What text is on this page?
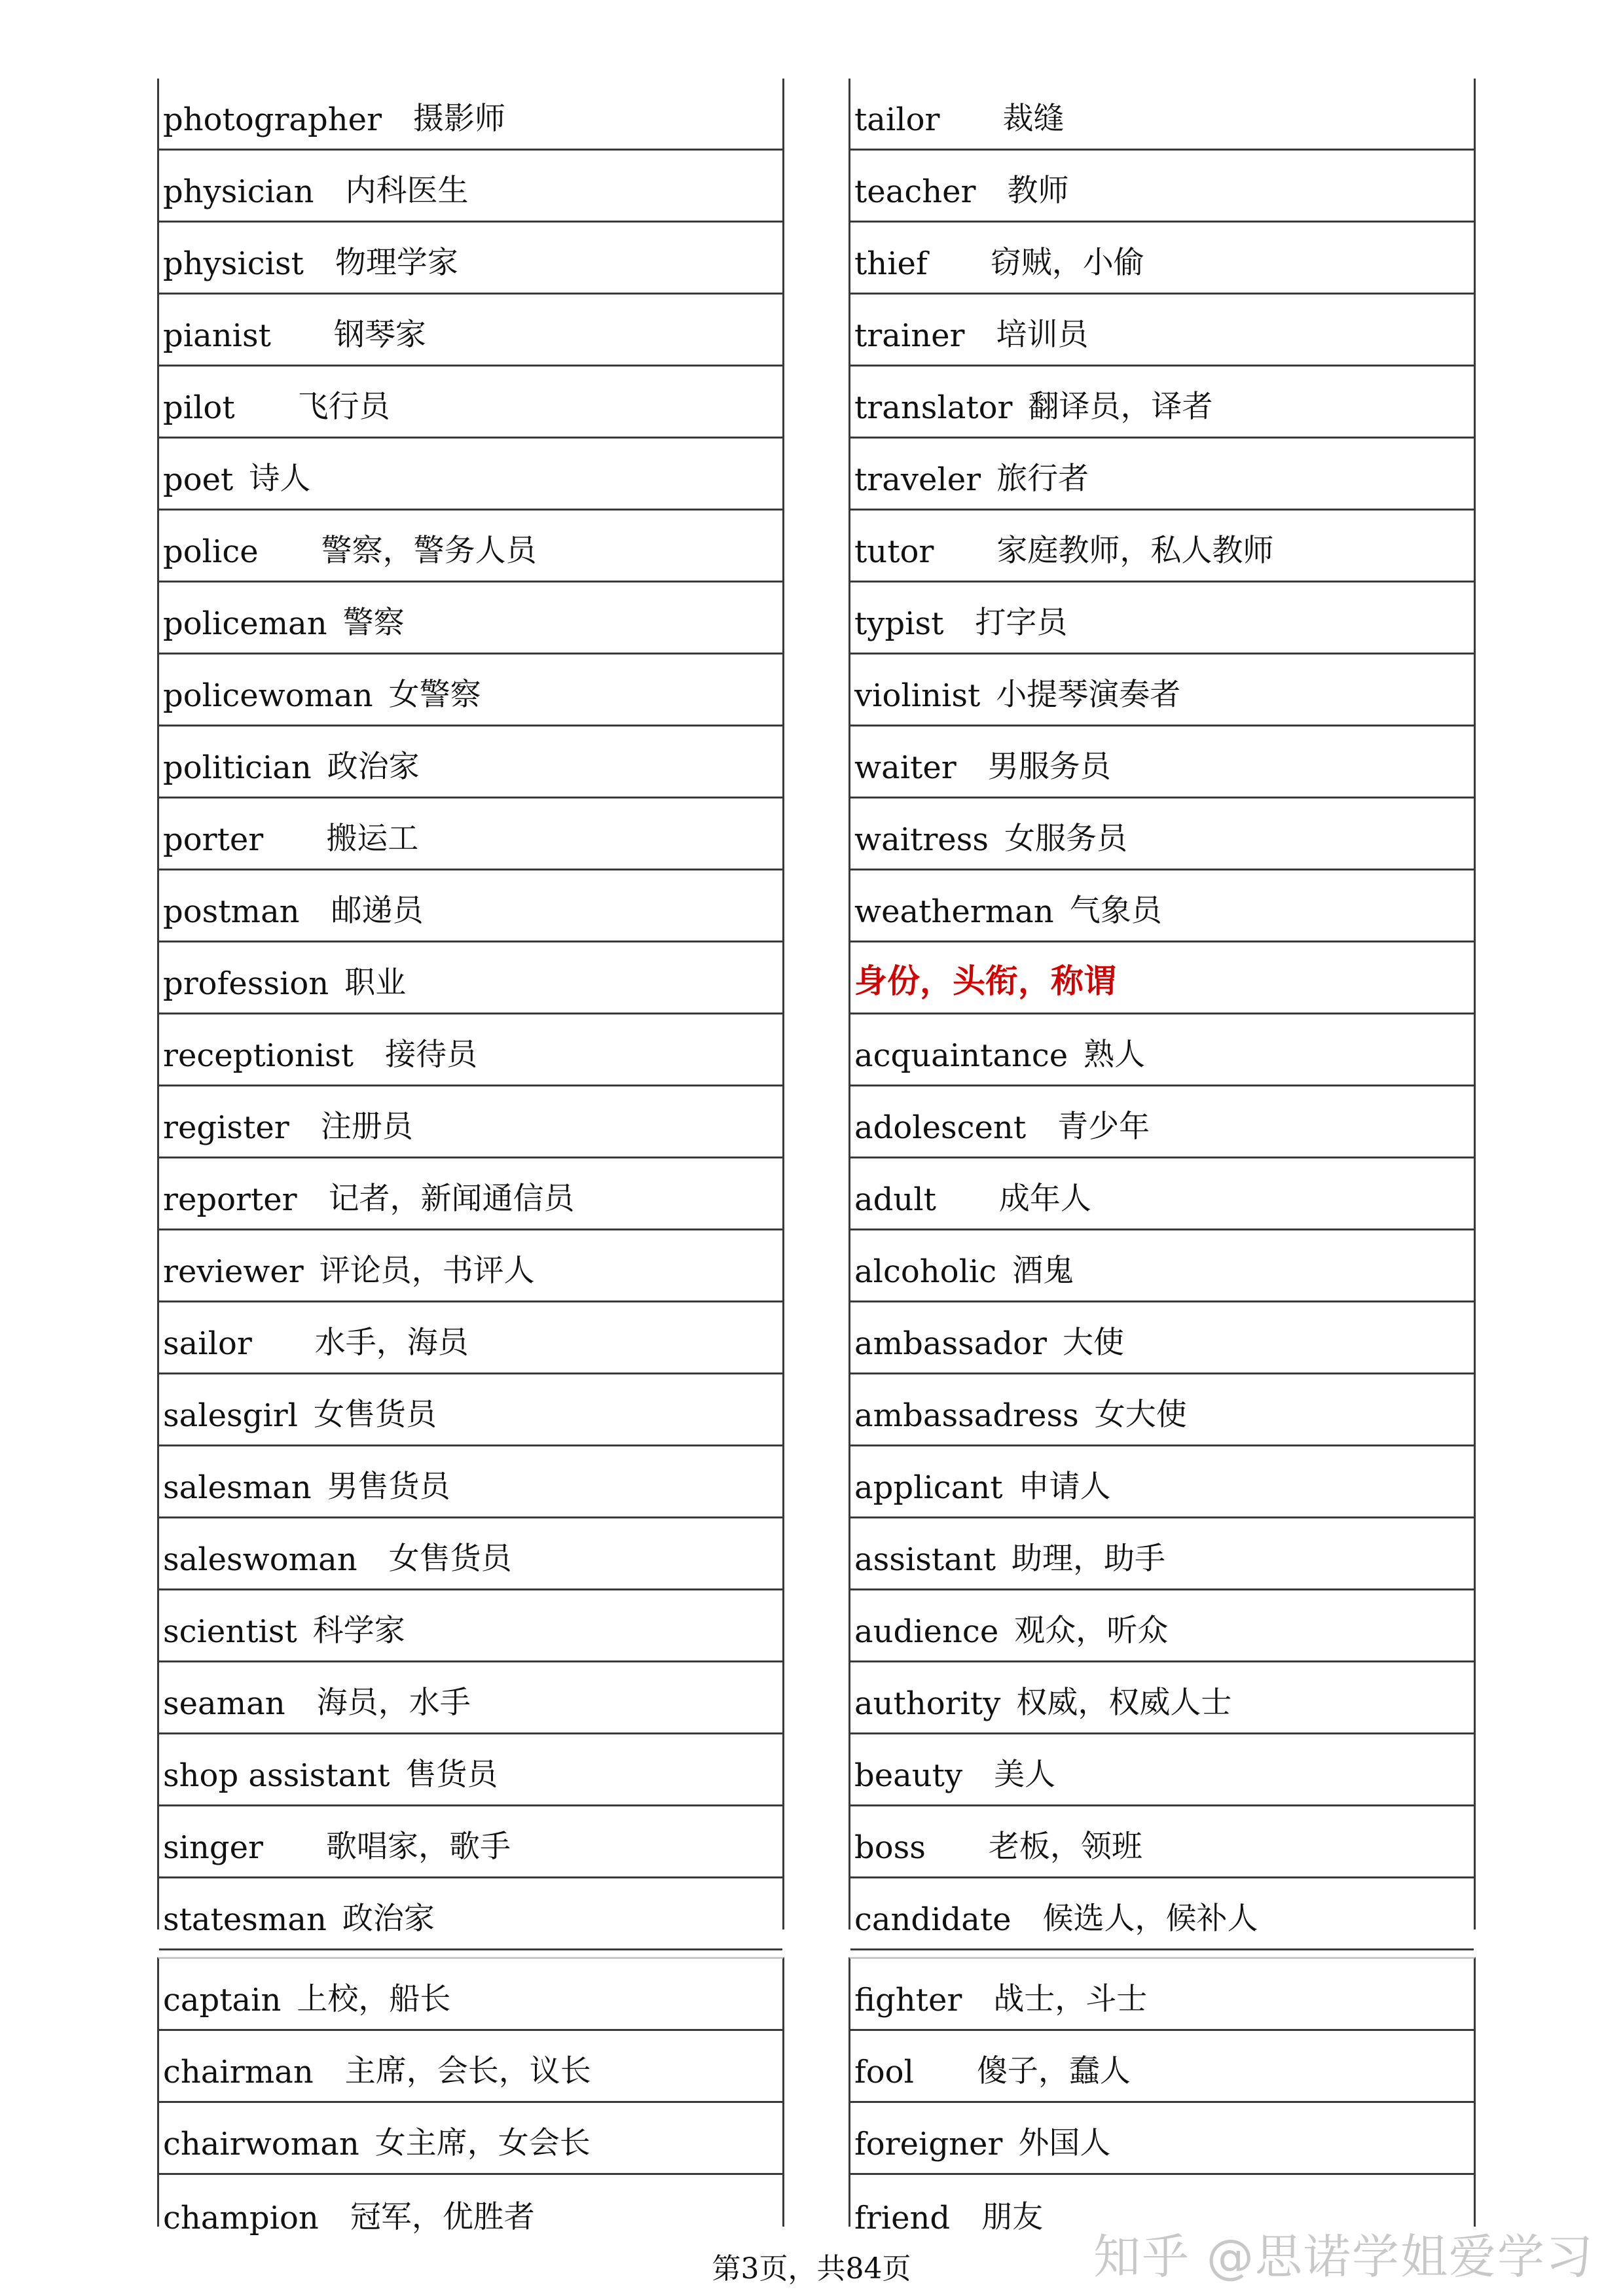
photographer 摄影师
physician 内科医生
physicist 物理学家
pianist 钢琴家
pilot 飞行员
poet 诗人
police 警察，警务人员
policeman 警察
policewoman 女警察
politician 政治家
porter 搬运工
postman 邮递员
profession 职业
receptionist 接待员
register 注册员
reporter 记者，新闻通信员
reviewer 评论员，书评人
sailor 水手，海员
salesgirl 女售货员
salesman 男售货员
saleswoman 女售货员
scientist 科学家
seaman 海员，水手
shop assistant 售货员
singer 歌唱家，歌手
statesman 政治家
tailor 裁缝
teacher 教师
thief 窃贼，小偷
trainer 培训员
translator 翻译员，译者
traveler 旅行者
tutor 家庭教师，私人教师
typist 打字员
violinist 小提琴演奏者
waiter 男服务员
waitress 女服务员
weatherman 气象员
身份，头衔，称谓
acquaintance 熟人
adolescent 青少年
adult 成年人
alcoholic 酒鬼
ambassador 大使
ambassadress 女大使
applicant 申请人
assistant 助理，助手
audience 观众，听众
authority 权威，权威人士
beauty 美人
boss 老板，领班
candidate 候选人，候补人
captain 上校，船长
chairman 主席，会长，议长
chairwoman 女主席，女会长
champion 冠军，优胜者
fighter 战士，斗士
fool 傻子，蠢人
foreigner 外国人
friend 朋友
知乎 @思诺学姐爱学习
第3页，共84页
